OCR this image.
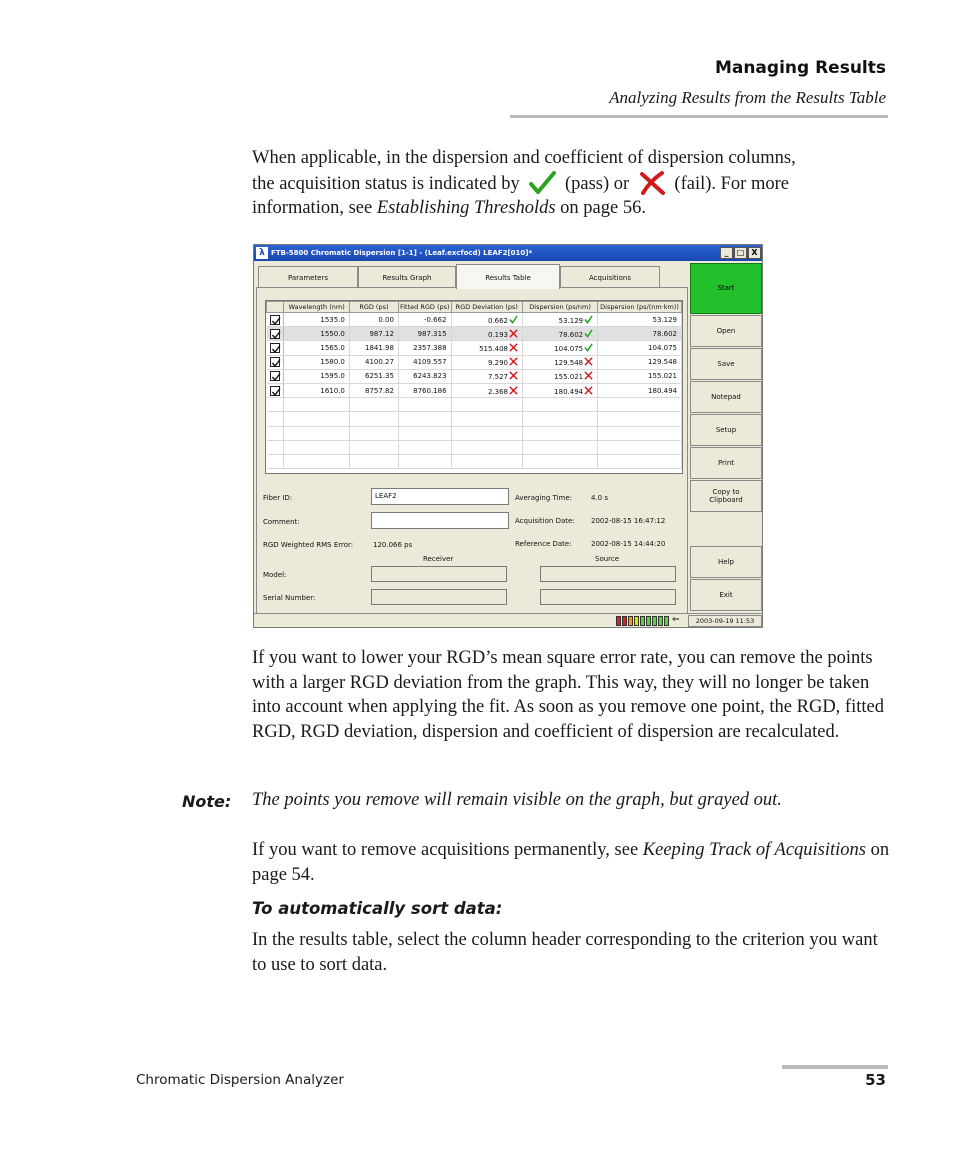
Managing Results
Analyzing Results from the Results Table
When applicable, in the dispersion and coefficient of dispersion columns,
the acquisition status is indicated by (pass) or (fail). For more
information, see Establishing Thresholds on page 56.
λ FTB-5800 Chromatic Dispersion [1-1] - (Leaf.excfocd) LEAF2[010]*	_	□ X
Parameters	Results Graph	Results Table	Acquisitions
	Wavelength (nm)	RGD (ps)	Fitted RGD (ps)	RGD Deviation (ps)	Dispersion (ps/nm)	Dispersion (ps/(nm·km))

	1535.0	0.00	-0.662	0.662	53.129	53.129

	1550.0	987.12	987.315	0.193	78.602	78.602

	1565.0	1841.98	2357.388	515.408	104.075	104.075

	1580.0	4100.27	4109.557	9.290	129.548	129.548

	1595.0	6251.35	6243.823	7.527	155.021	155.021

	1610.0	8757.82	8760.186	2.368	180.494	180.494

Fiber ID:	LEAF2
Comment:
RGD Weighted RMS Error:	120.066 ps
Averaging Time:	4.0 s
Acquisition Date: 2002-08-15 16:47:12
Reference Date:	2002-08-15 14:44:20
Receiver	Source
Model:
Serial Number:
Start
Open
Save
Notepad
Setup
Print
Copy to Clipboard
Help
Exit
⇐	2003-09-19 11:53
If you want to lower your RGD’s mean square error rate, you can remove the points with a larger RGD deviation from the graph. This way, they will no longer be taken into account when applying the fit. As soon as you remove one point, the RGD, fitted RGD, RGD deviation, dispersion and coefficient of dispersion are recalculated.
Note: The points you remove will remain visible on the graph, but grayed out.
If you want to remove acquisitions permanently, see Keeping Track of Acquisitions on page 54.
To automatically sort data:
In the results table, select the column header corresponding to the criterion you want to use to sort data.
Chromatic Dispersion Analyzer	53
